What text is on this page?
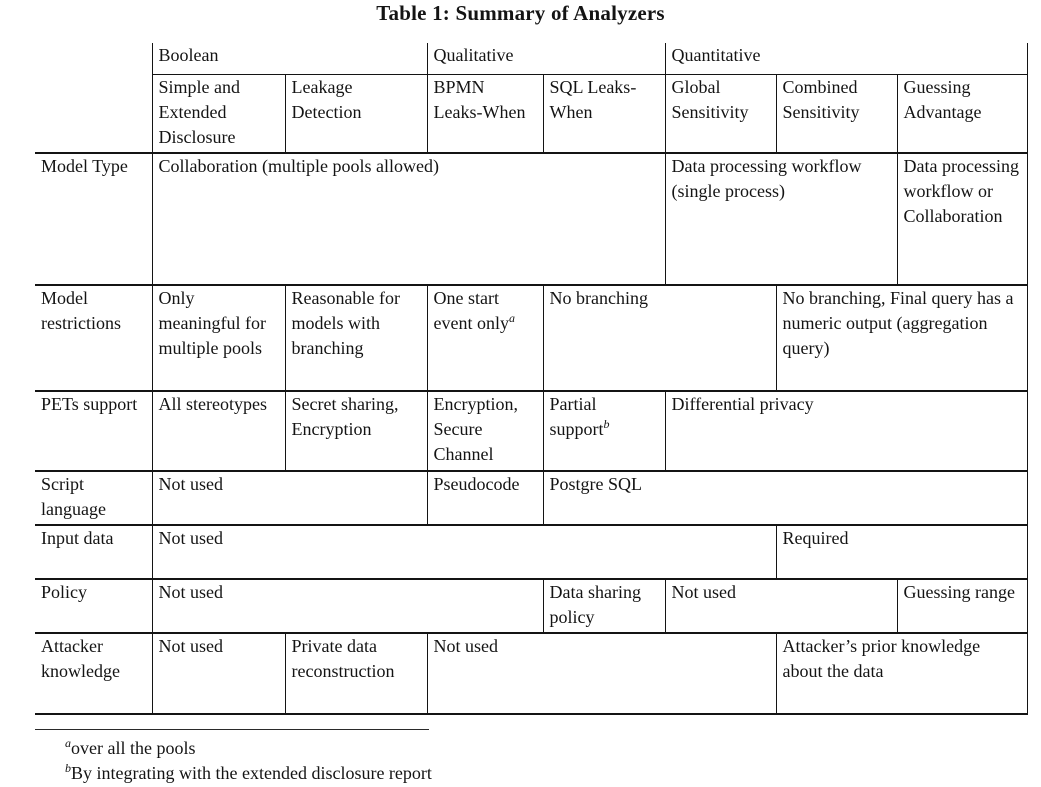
Table 1: Summary of Analyzers
	Boolean		Qualitative		Quantitative		
	Simple and Extended Disclosure	Leakage Detection	BPMN Leaks-When	SQL Leaks-When	Global Sensitivity	Combined Sensitivity	Guessing Advantage
Model Type	Collaboration (multiple pools allowed)				Data processing workflow (single process)		Data processing workflow or Collaboration
Model restrictions	Only meaningful for multiple pools	Reasonable for models with branching	One start event only$^a$	No branching		No branching, Final query has a numeric output (aggregation query)	
PETs support	All stereotypes	Secret sharing, Encryption	Encryption, Secure Channel	Partial support$^b$	Differential privacy		
Script language	Not used		Pseudocode	Postgre SQL			
Input data	Not used					Required	
Policy	Not used			Data sharing policy	Not used		Guessing range
Attacker knowledge	Not used	Private data reconstruction	Not used			Attacker’s prior knowledge about the data	
$^a$over all the pools
$^b$By integrating with the extended disclosure report
